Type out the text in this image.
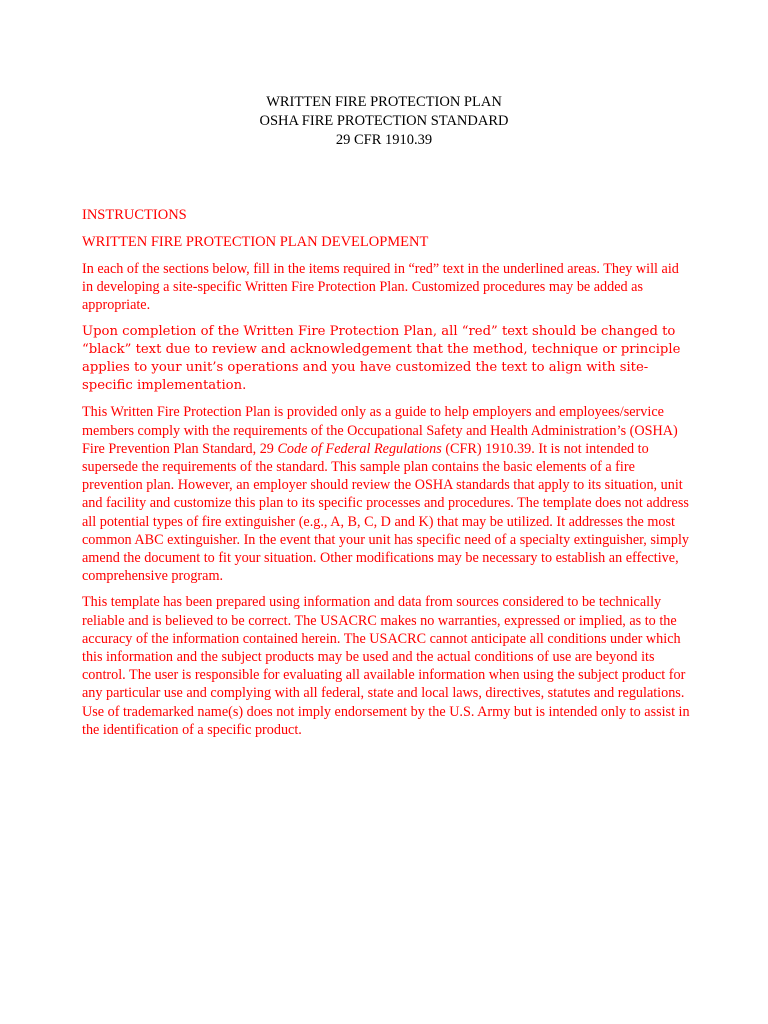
WRITTEN FIRE PROTECTION PLAN
OSHA FIRE PROTECTION STANDARD
29 CFR 1910.39
INSTRUCTIONS
WRITTEN FIRE PROTECTION PLAN DEVELOPMENT

In each of the sections below, fill in the items required in “red” text in the underlined areas. They will aid in developing a site-specific Written Fire Protection Plan. Customized procedures may be added as appropriate.

Upon completion of the Written Fire Protection Plan, all “red” text should be changed to “black” text due to review and acknowledgement that the method, technique or principle applies to your unit’s operations and you have customized the text to align with site-specific implementation.

This Written Fire Protection Plan is provided only as a guide to help employers and employees/service members comply with the requirements of the Occupational Safety and Health Administration’s (OSHA) Fire Prevention Plan Standard, 29 Code of Federal Regulations (CFR) 1910.39. It is not intended to supersede the requirements of the standard. This sample plan contains the basic elements of a fire prevention plan. However, an employer should review the OSHA standards that apply to its situation, unit and facility and customize this plan to its specific processes and procedures. The template does not address all potential types of fire extinguisher (e.g., A, B, C, D and K) that may be utilized. It addresses the most common ABC extinguisher. In the event that your unit has specific need of a specialty extinguisher, simply amend the document to fit your situation. Other modifications may be necessary to establish an effective, comprehensive program.

This template has been prepared using information and data from sources considered to be technically reliable and is believed to be correct. The USACRC makes no warranties, expressed or implied, as to the accuracy of the information contained herein. The USACRC cannot anticipate all conditions under which this information and the subject products may be used and the actual conditions of use are beyond its control. The user is responsible for evaluating all available information when using the subject product for any particular use and complying with all federal, state and local laws, directives, statutes and regulations. Use of trademarked name(s) does not imply endorsement by the U.S. Army but is intended only to assist in the identification of a specific product.
